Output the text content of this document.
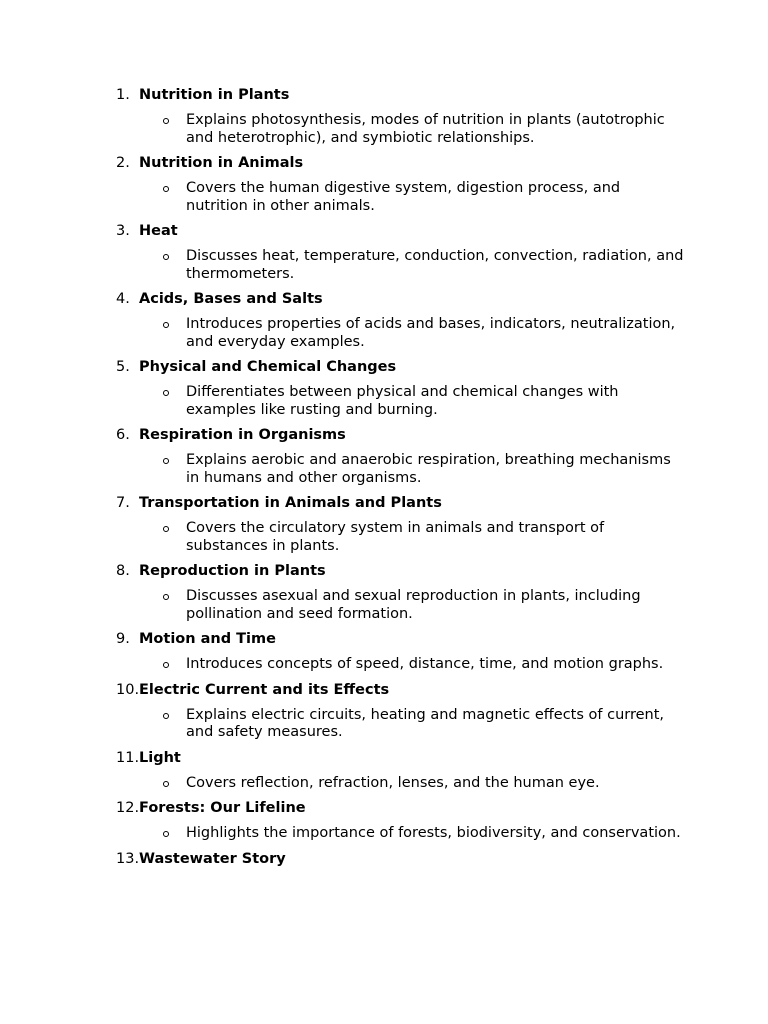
1. Nutrition in Plants
Explains photosynthesis, modes of nutrition in plants (autotrophic and heterotrophic), and symbiotic relationships.
2. Nutrition in Animals
Covers the human digestive system, digestion process, and nutrition in other animals.
3. Heat
Discusses heat, temperature, conduction, convection, radiation, and thermometers.
4. Acids, Bases and Salts
Introduces properties of acids and bases, indicators, neutralization, and everyday examples.
5. Physical and Chemical Changes
Differentiates between physical and chemical changes with examples like rusting and burning.
6. Respiration in Organisms
Explains aerobic and anaerobic respiration, breathing mechanisms in humans and other organisms.
7. Transportation in Animals and Plants
Covers the circulatory system in animals and transport of substances in plants.
8. Reproduction in Plants
Discusses asexual and sexual reproduction in plants, including pollination and seed formation.
9. Motion and Time
Introduces concepts of speed, distance, time, and motion graphs.
10. Electric Current and its Effects
Explains electric circuits, heating and magnetic effects of current, and safety measures.
11. Light
Covers reflection, refraction, lenses, and the human eye.
12. Forests: Our Lifeline
Highlights the importance of forests, biodiversity, and conservation.
13. Wastewater Story
